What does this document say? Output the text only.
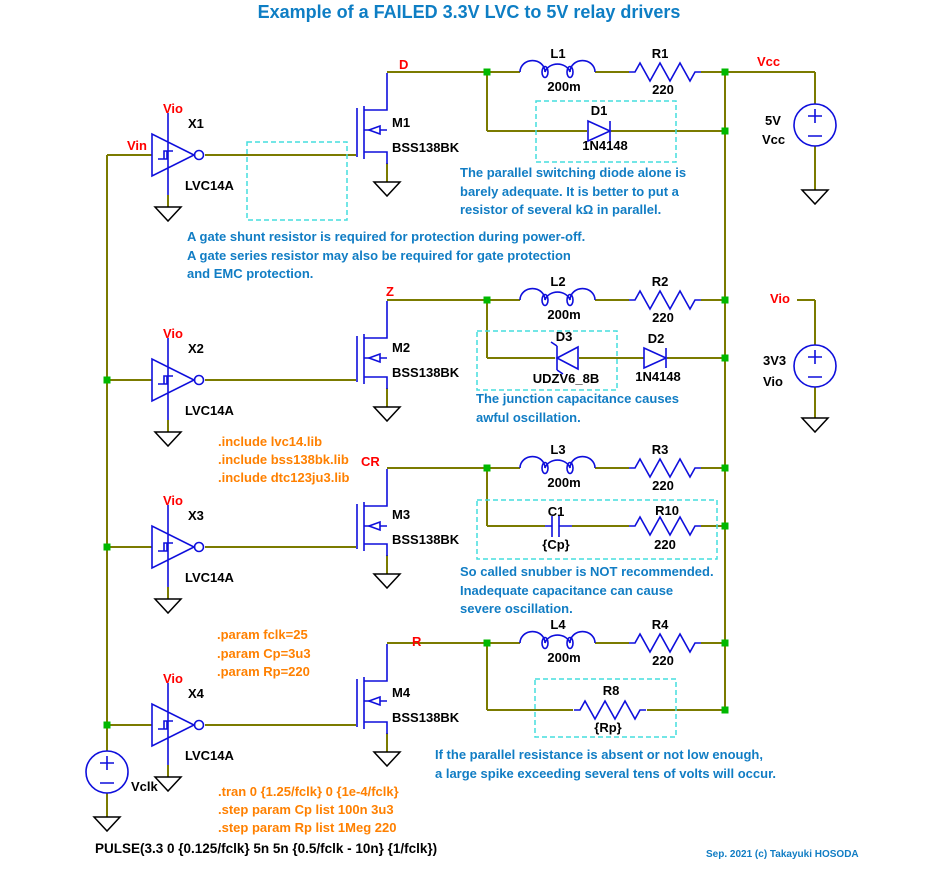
Example of a FAILED 3.3V LVC to 5V relay drivers
Vin
D
Z
CR
R
Vcc
Vio
Vio
X1
LVC14A
Vio
X2
LVC14A
Vio
X3
LVC14A
Vio
X4
LVC14A
M1
BSS138BK
M2
BSS138BK
M3
BSS138BK
M4
BSS138BK
L1
200m
R1
220
L2
200m
R2
220
L3
200m
R3
220
L4
200m
R4
220
D1
1N4148
D3
UDZV6_8B
D2
1N4148
C1
{Cp}
R10
220
R8
{Rp}
5V
Vcc
3V3
Vio
Vclk
The parallel switching diode alone is
barely adequate. It is better to put a
resistor of several kΩ in parallel.
A gate shunt resistor is required for protection during power-off.
A gate series resistor may also be required for gate protection
and EMC protection.
The junction capacitance causes
awful oscillation.
So called snubber is NOT recommended.
Inadequate capacitance can cause
severe oscillation.
If the parallel resistance is absent or not low enough,
a large spike exceeding several tens of volts will occur.
.include lvc14.lib
.include bss138bk.lib
.include dtc123ju3.lib
.param fclk=25
.param Cp=3u3
.param Rp=220
.tran 0 {1.25/fclk} 0 {1e-4/fclk}
.step param Cp list 100n 3u3
.step param Rp list 1Meg 220
PULSE(3.3 0 {0.125/fclk} 5n 5n {0.5/fclk - 10n} {1/fclk})	Sep. 2021 (c) Takayuki HOSODA
